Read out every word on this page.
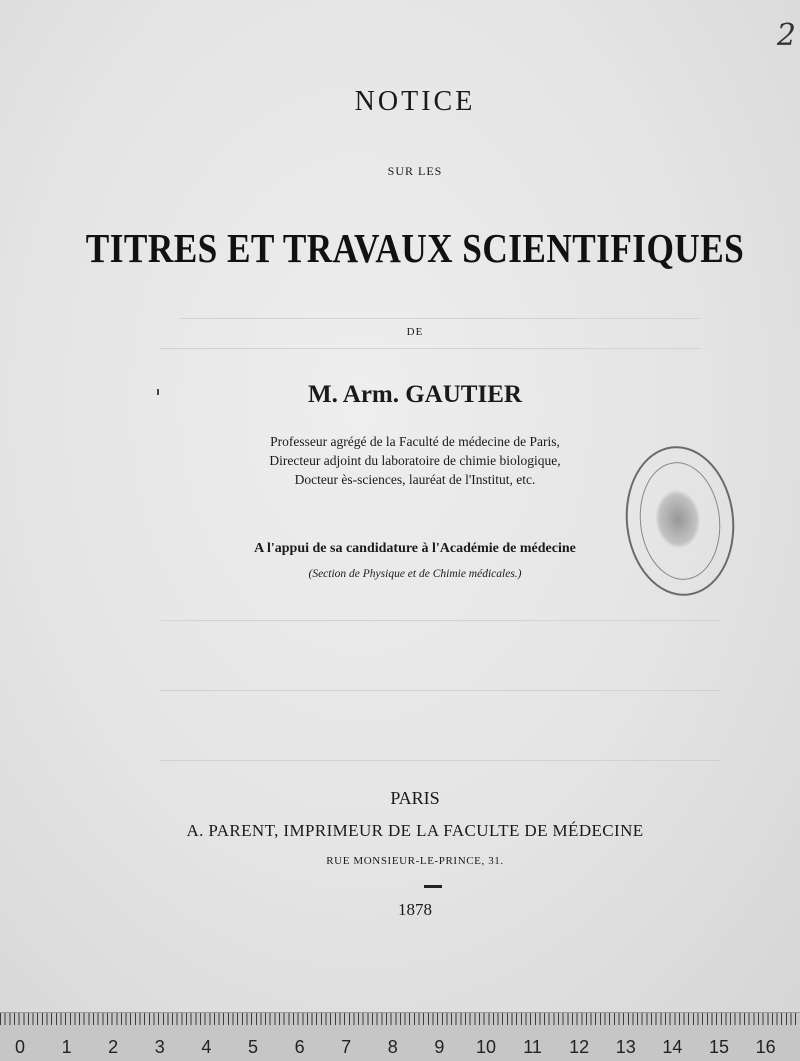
2
NOTICE
SUR LES
TITRES ET TRAVAUX SCIENTIFIQUES
DE
M. Arm. GAUTIER
Professeur agrégé de la Faculté de médecine de Paris,
Directeur adjoint du laboratoire de chimie biologique,
Docteur ès-sciences, lauréat de l'Institut, etc.
A l'appui de sa candidature à l'Académie de médecine
(Section de Physique et de Chimie médicales.)
PARIS
A. PARENT, IMPRIMEUR DE LA FACULTE DE MÉDECINE
RUE MONSIEUR-LE-PRINCE, 31.
1878
0	1	2	3	4	5	6	7	8	9	10	11	12 13 14 15 16
